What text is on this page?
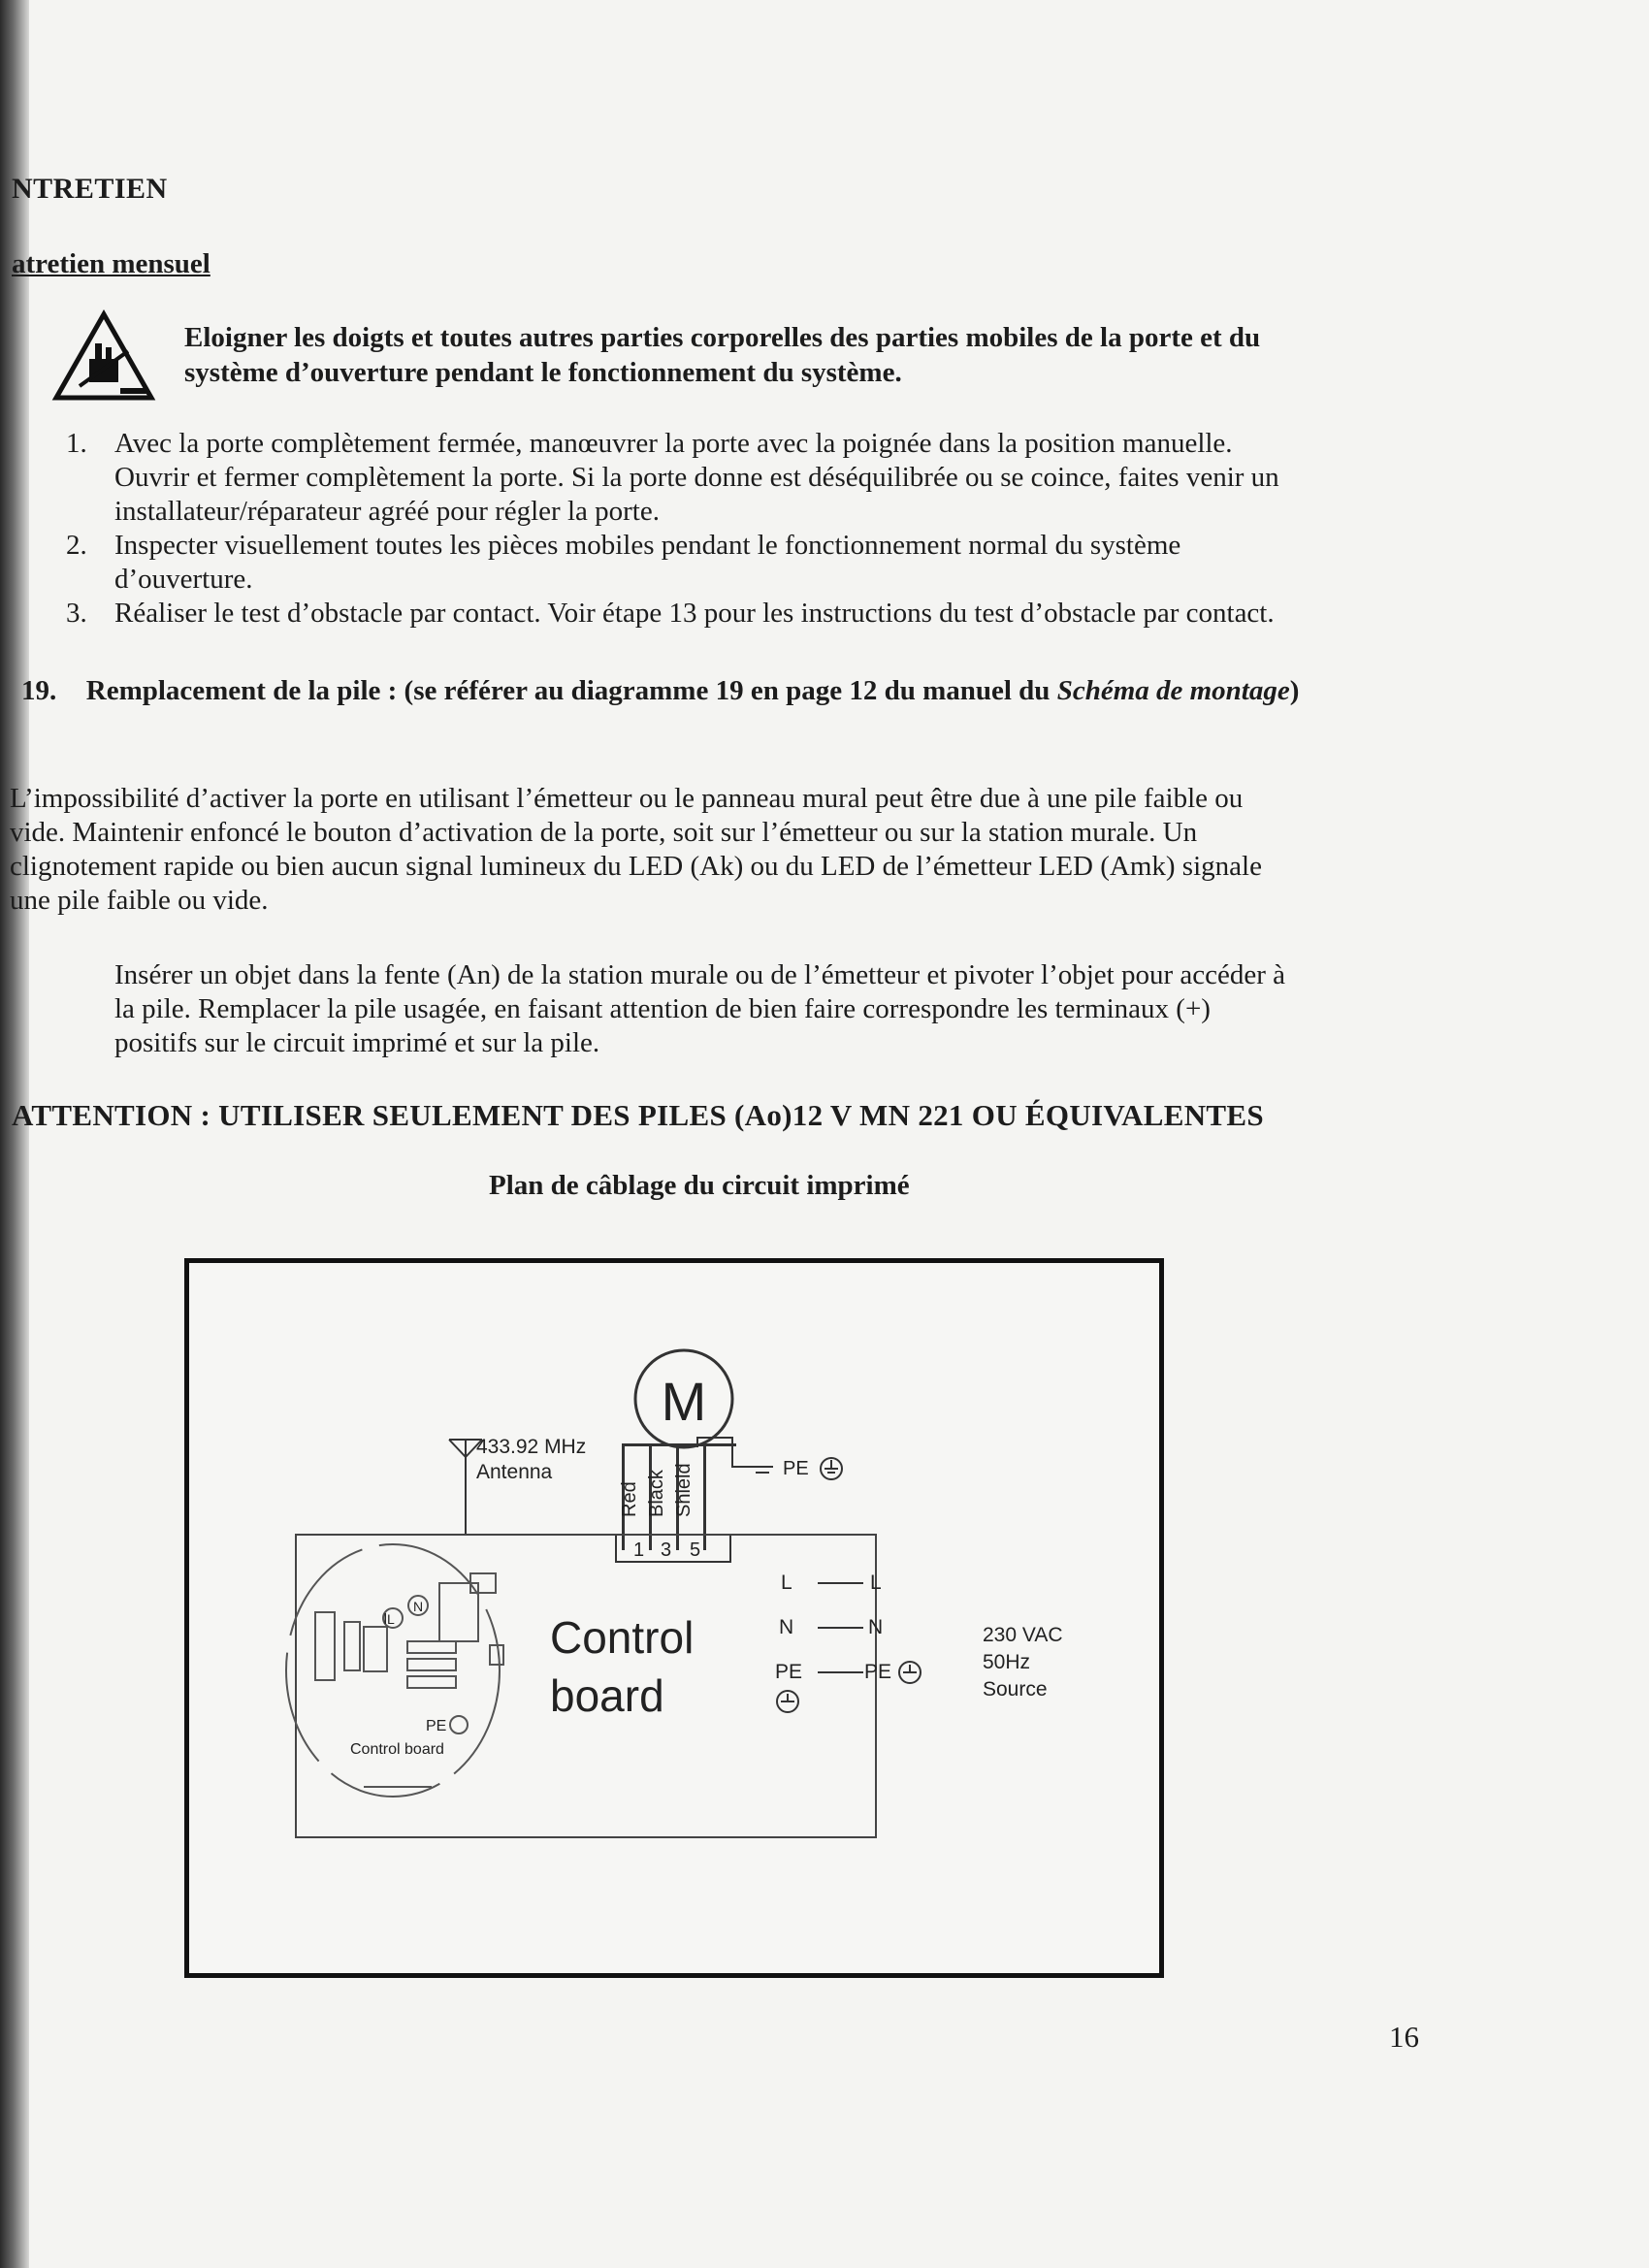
NTRETIEN
atretien mensuel
Eloigner les doigts et toutes autres parties corporelles des parties mobiles de la porte et du
système d’ouverture pendant le fonctionnement du système.
1. Avec la porte complètement fermée, manœuvrer la porte avec la poignée dans la position manuelle.
Ouvrir et fermer complètement la porte. Si la porte donne est déséquilibrée ou se coince, faites venir un
installateur/réparateur agréé pour régler la porte.
2. Inspecter visuellement toutes les pièces mobiles pendant le fonctionnement normal du système
d’ouverture.
3. Réaliser le test d’obstacle par contact. Voir étape 13 pour les instructions du test d’obstacle par contact.
19. Remplacement de la pile : (se référer au diagramme 19 en page 12 du manuel du Schéma de montage)
L’impossibilité d’activer la porte en utilisant l’émetteur ou le panneau mural peut être due à une pile faible ou
vide. Maintenir enfoncé le bouton d’activation de la porte, soit sur l’émetteur ou sur la station murale. Un
clignotement rapide ou bien aucun signal lumineux du LED (Ak) ou du LED de l’émetteur LED (Amk) signale
une pile faible ou vide.
Insérer un objet dans la fente (An) de la station murale ou de l’émetteur et pivoter l’objet pour accéder à
la pile. Remplacer la pile usagée, en faisant attention de bien faire correspondre les terminaux (+)
positifs sur le circuit imprimé et sur la pile.
ATTENTION : UTILISER SEULEMENT DES PILES (Ao)12 V MN 221 OU ÉQUIVALENTES
Plan de câblage du circuit imprimé
M
Red Black Shield	PE
1 3 5
433.92 MHz
Antenna
Control
board
L
N
I
PE
Control board
L
N
PE
L
N
PE
230 VAC
50Hz
Source
16
